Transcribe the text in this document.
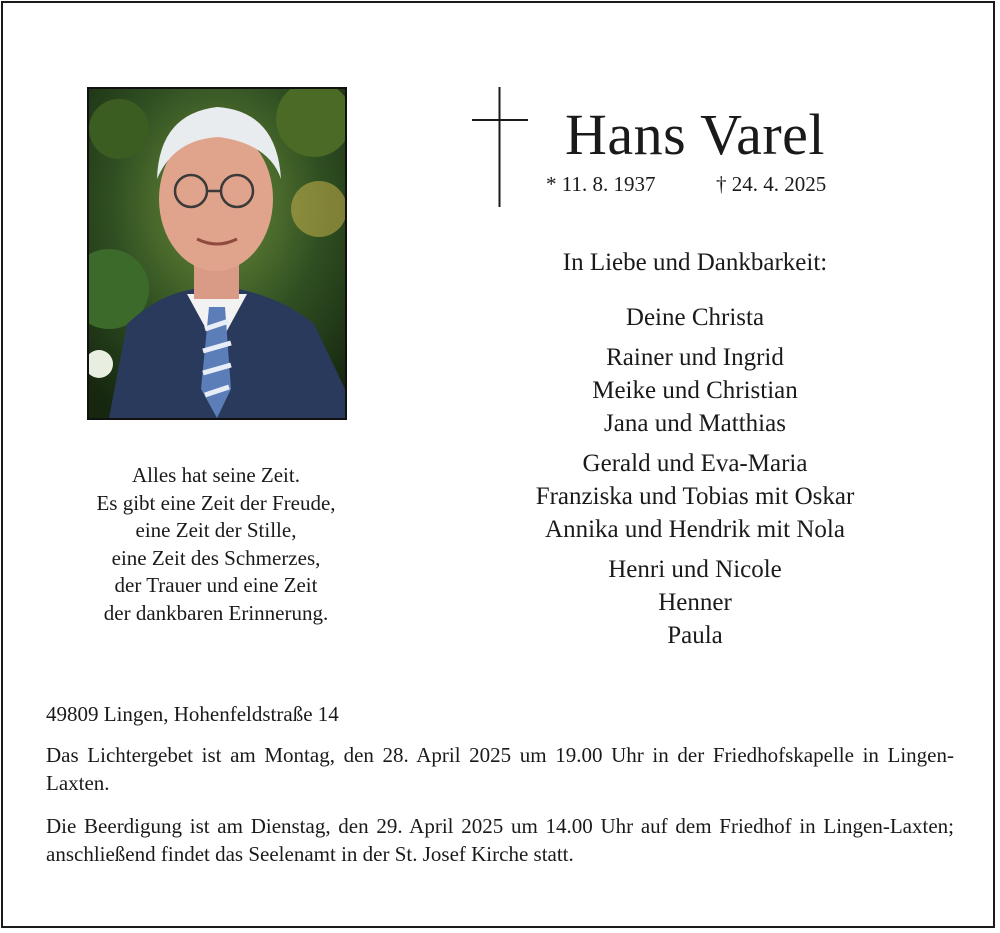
Hans Varel
* 11. 8. 1937	† 24. 4. 2025
In Liebe und Dankbarkeit:
Deine Christa
Rainer und Ingrid
Meike und Christian
Jana und Matthias
Gerald und Eva-Maria
Franziska und Tobias mit Oskar
Annika und Hendrik mit Nola
Henri und Nicole
Henner
Paula
Alles hat seine Zeit.
Es gibt eine Zeit der Freude,
eine Zeit der Stille,
eine Zeit des Schmerzes,
der Trauer und eine Zeit
der dankbaren Erinnerung.
49809 Lingen, Hohenfeldstraße 14
Das Lichtergebet ist am Montag, den 28. April 2025 um 19.00 Uhr in der Friedhofskapelle in Lingen-Laxten.
Die Beerdigung ist am Dienstag, den 29. April 2025 um 14.00 Uhr auf dem Friedhof in Lingen-Laxten; anschließend findet das Seelenamt in der St. Josef Kirche statt.
